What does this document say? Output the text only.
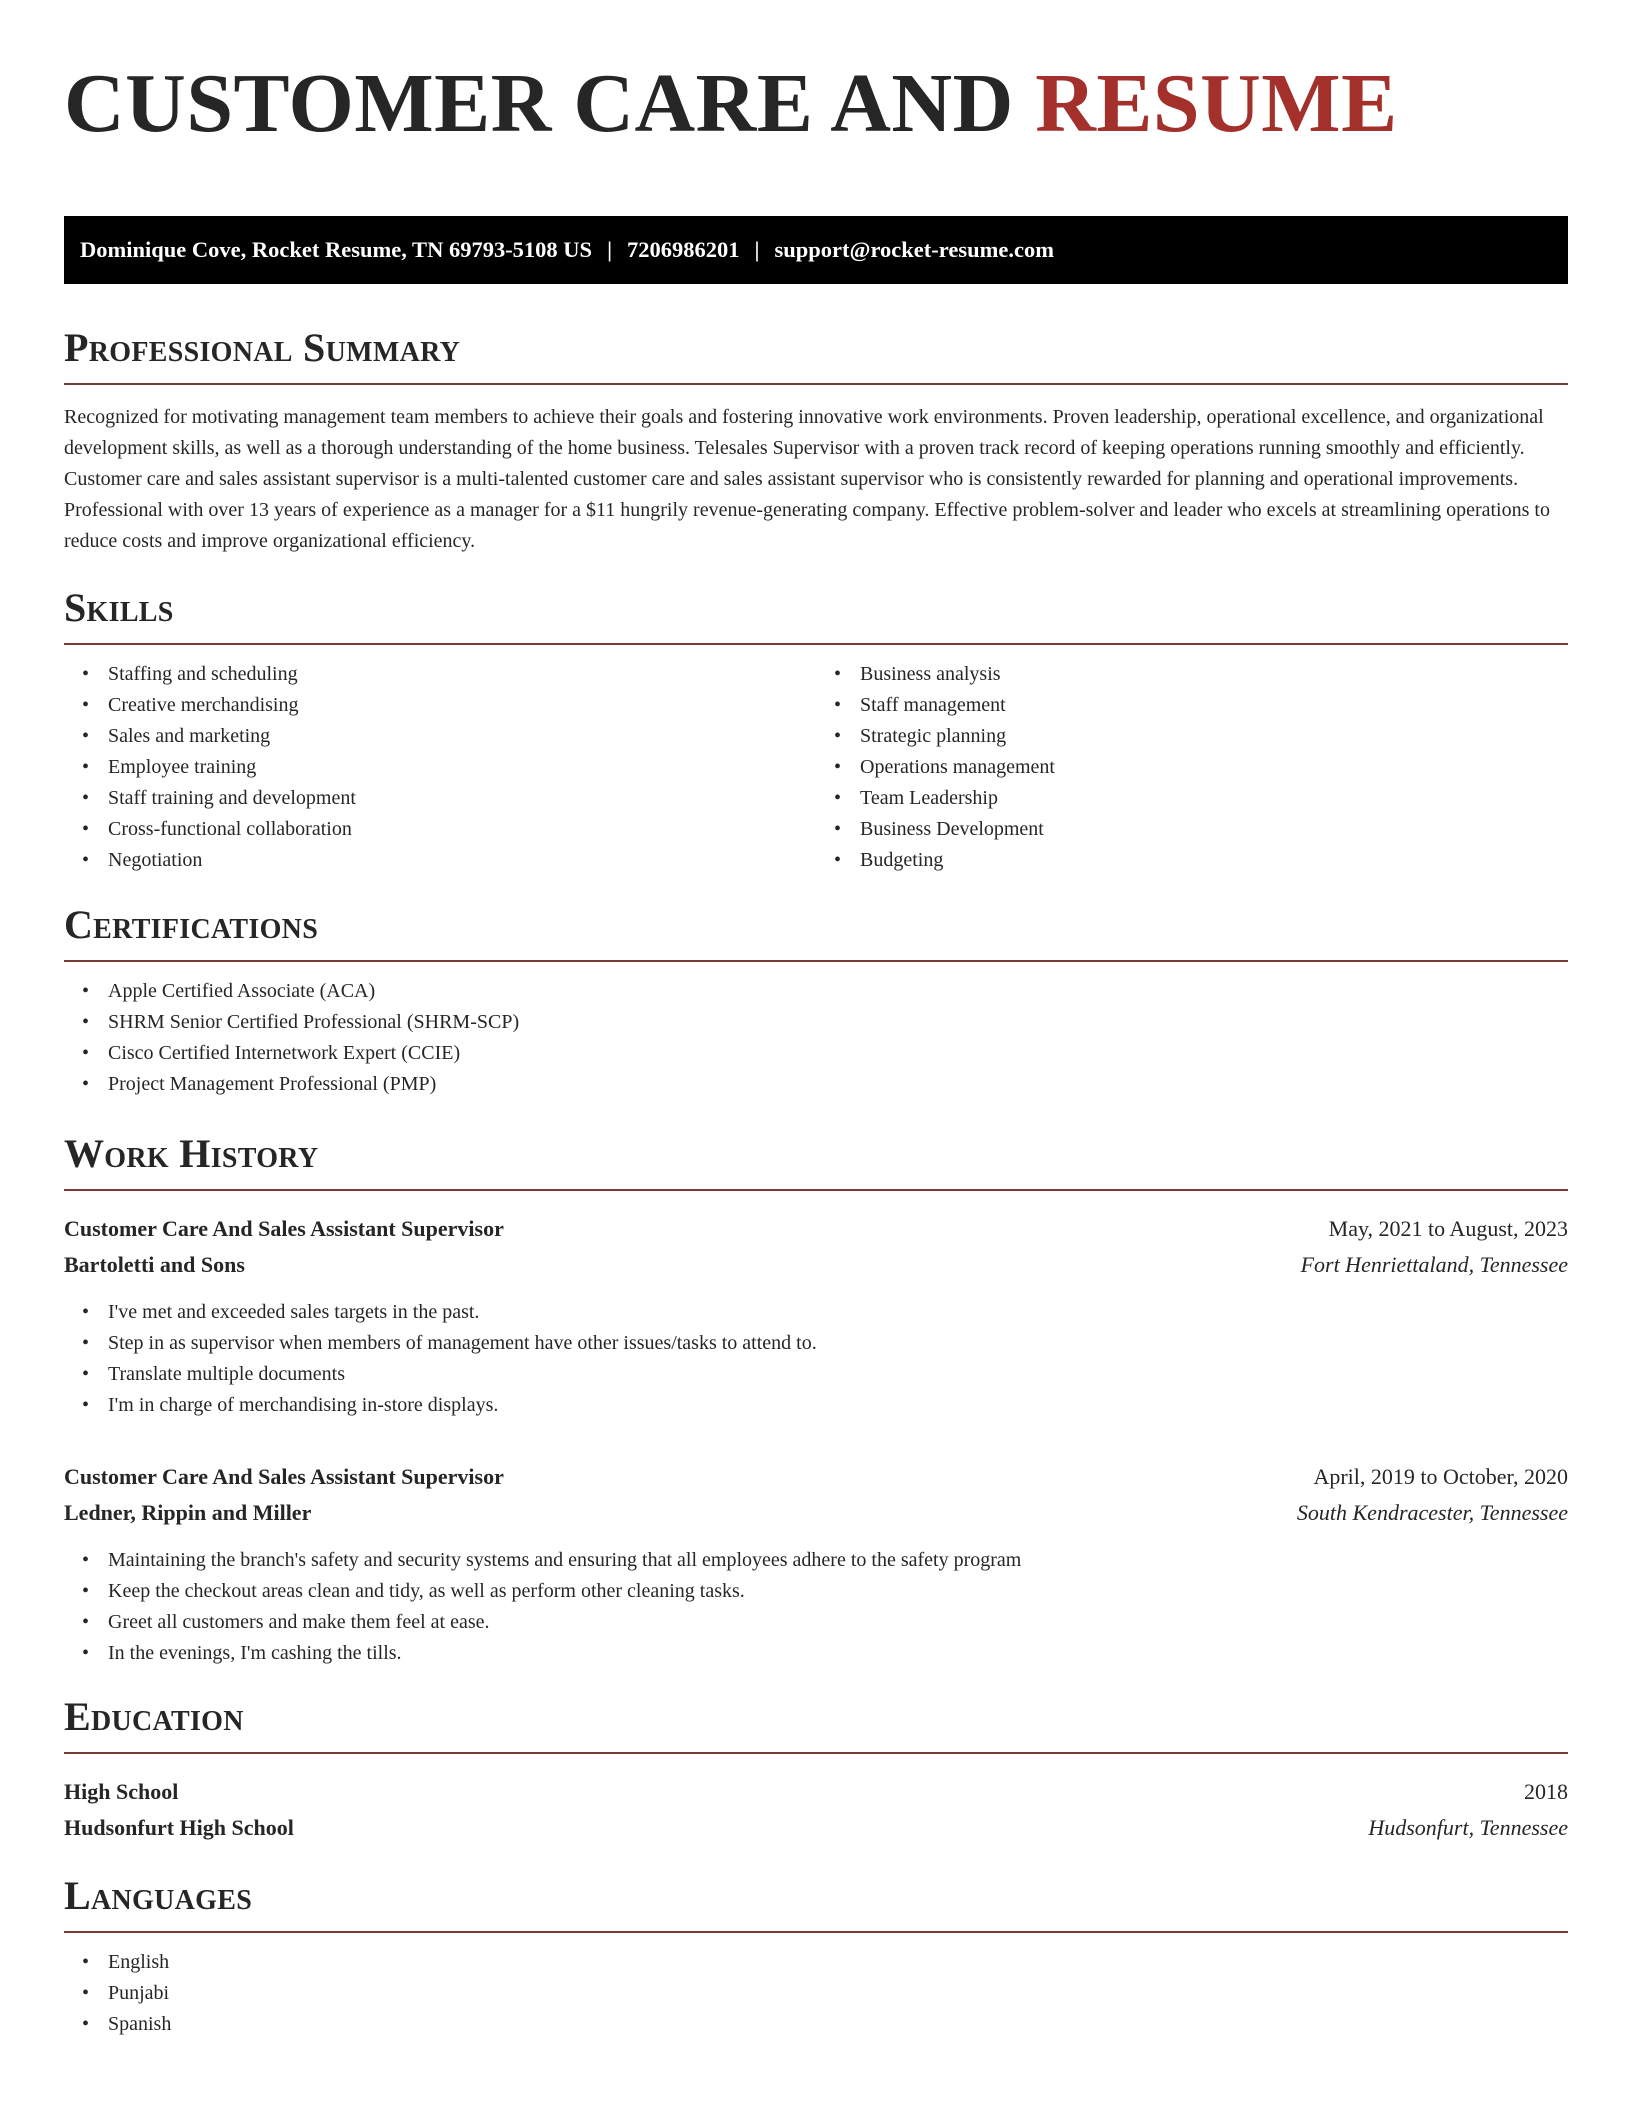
CUSTOMER CARE AND RESUME
Dominique Cove, Rocket Resume, TN 69793-5108 US | 7206986201 | support@rocket-resume.com
Professional Summary

Recognized for motivating management team members to achieve their goals and fostering innovative work environments. Proven leadership, operational excellence, and organizational development skills, as well as a thorough understanding of the home business. Telesales Supervisor with a proven track record of keeping operations running smoothly and efficiently. Customer care and sales assistant supervisor is a multi-talented customer care and sales assistant supervisor who is consistently rewarded for planning and operational improvements. Professional with over 13 years of experience as a manager for a $11 hungrily revenue-generating company. Effective problem-solver and leader who excels at streamlining operations to reduce costs and improve organizational efficiency.

Skills
• Staffing and scheduling
• Creative merchandising
• Sales and marketing
• Employee training
• Staff training and development
• Cross-functional collaboration
• Negotiation
• Business analysis
• Staff management
• Strategic planning
• Operations management
• Team Leadership
• Business Development
• Budgeting
Certifications
• Apple Certified Associate (ACA)
• SHRM Senior Certified Professional (SHRM-SCP)
• Cisco Certified Internetwork Expert (CCIE)
• Project Management Professional (PMP)
Work History
Customer Care And Sales Assistant Supervisor	May, 2021 to August, 2023
Bartoletti and Sons	Fort Henriettaland, Tennessee
• I've met and exceeded sales targets in the past.
• Step in as supervisor when members of management have other issues/tasks to attend to.
• Translate multiple documents
• I'm in charge of merchandising in-store displays.
Customer Care And Sales Assistant Supervisor	April, 2019 to October, 2020
Ledner, Rippin and Miller	South Kendracester, Tennessee
• Maintaining the branch's safety and security systems and ensuring that all employees adhere to the safety program
• Keep the checkout areas clean and tidy, as well as perform other cleaning tasks.
• Greet all customers and make them feel at ease.
• In the evenings, I'm cashing the tills.
Education
High School	2018
Hudsonfurt High School	Hudsonfurt, Tennessee
Languages
• English
• Punjabi
• Spanish
